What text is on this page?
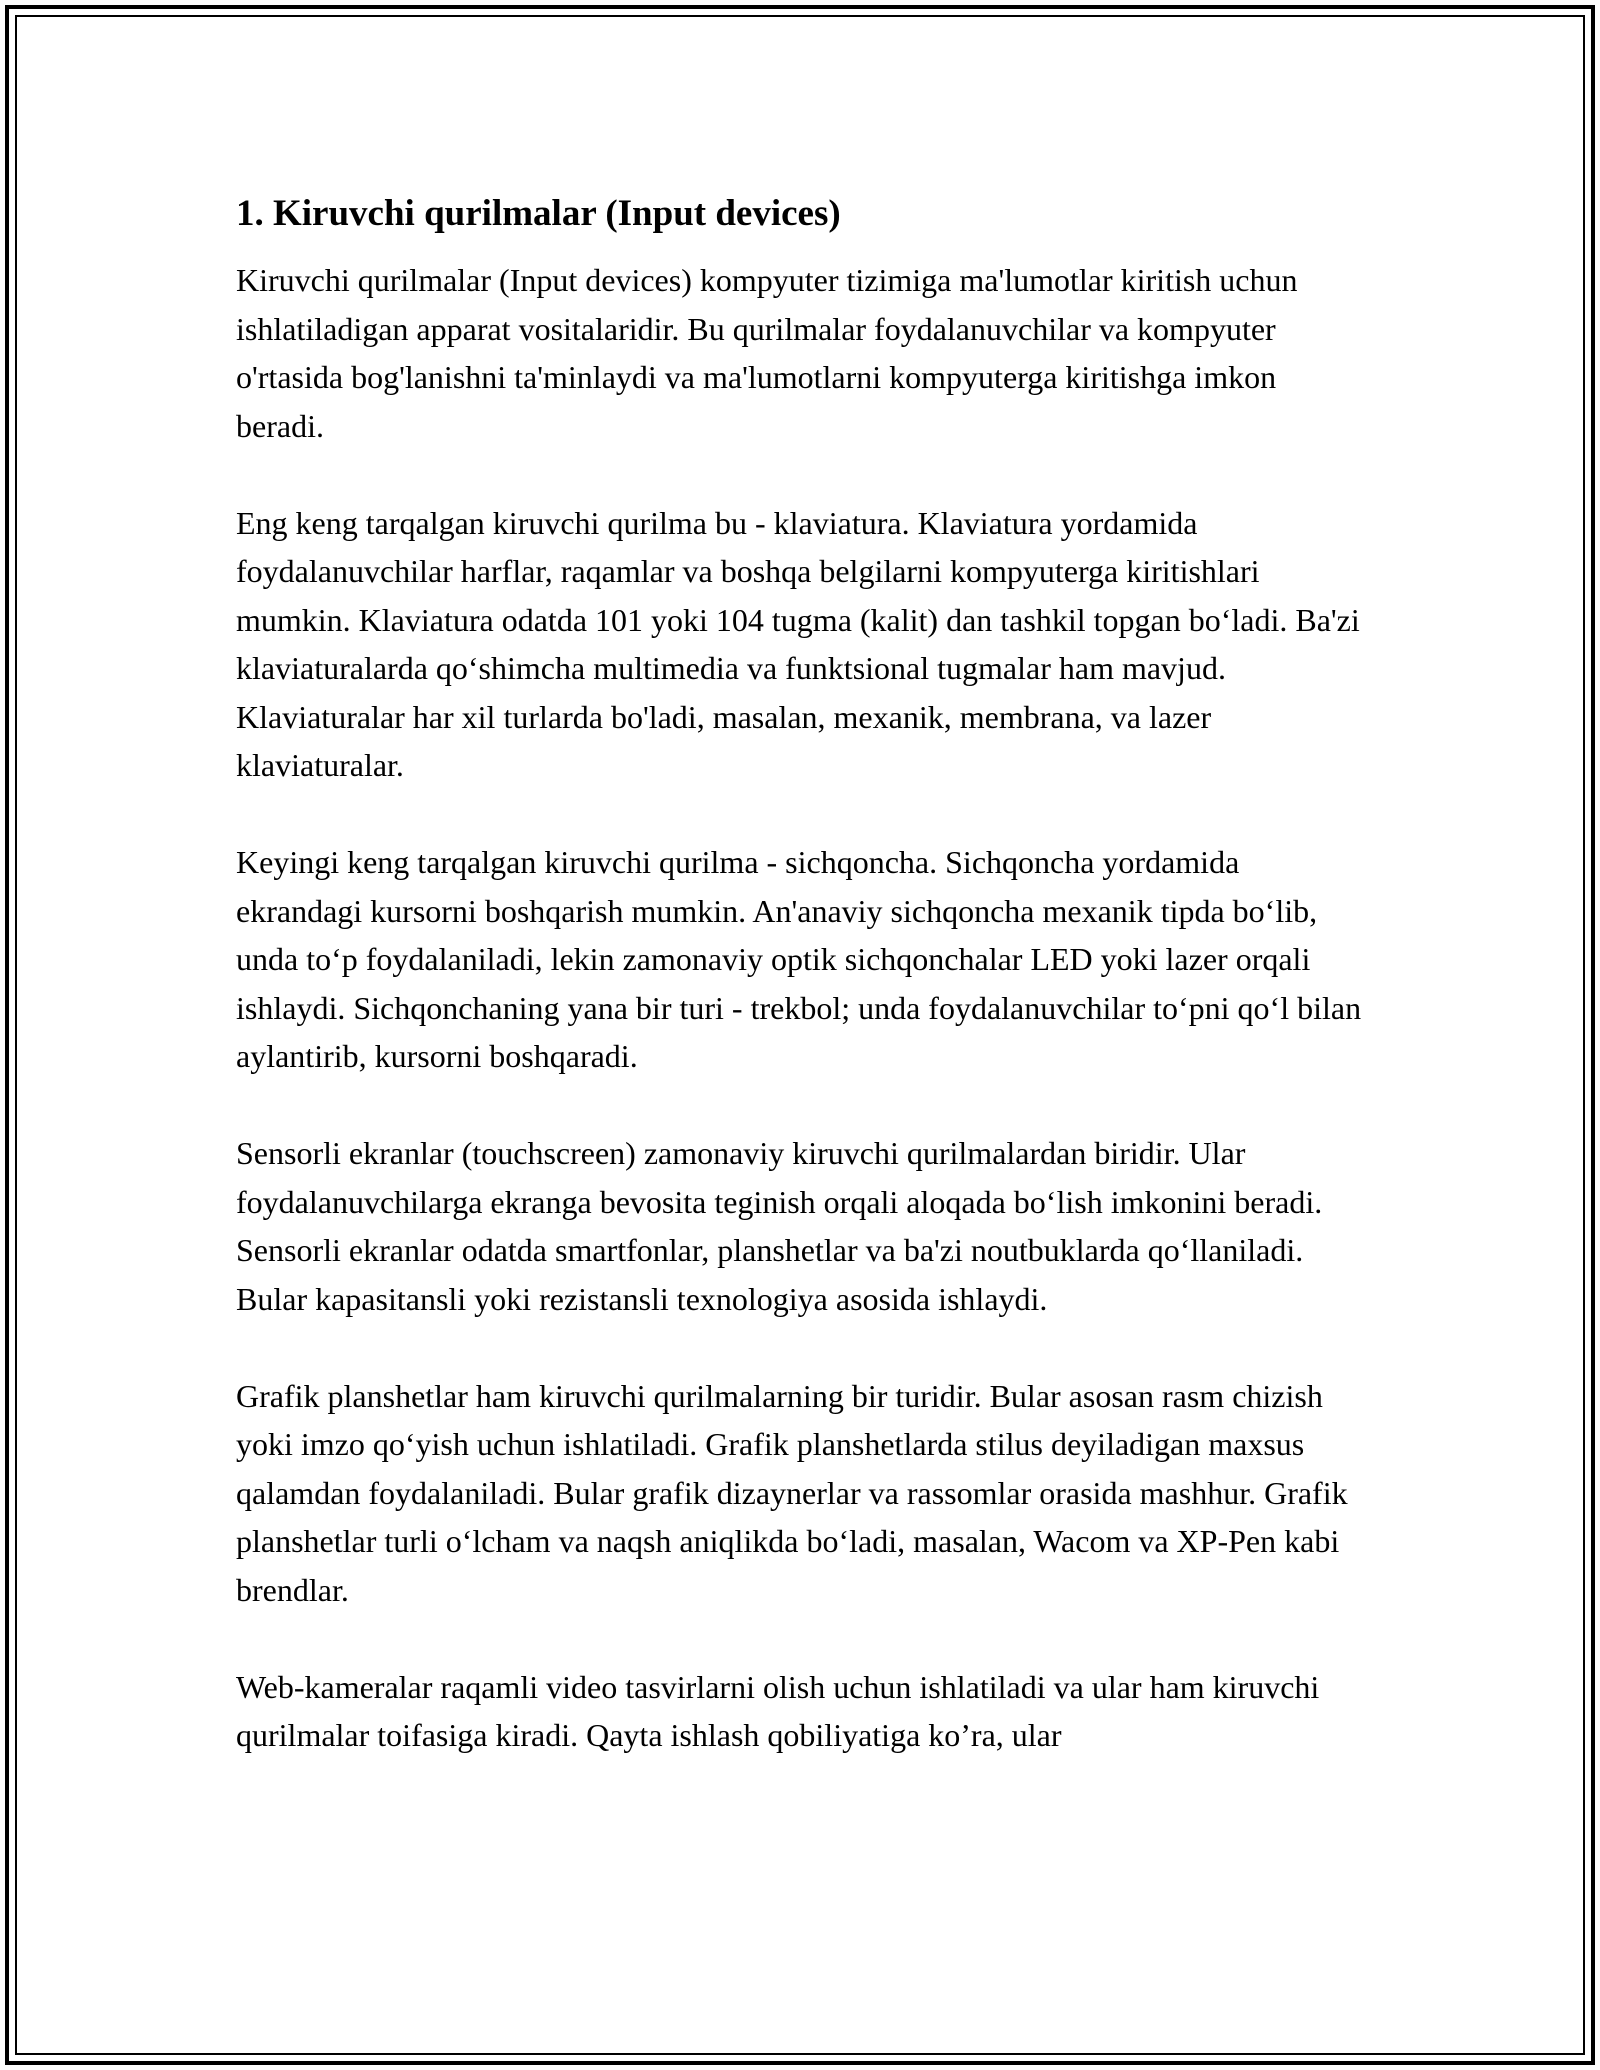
1. Kiruvchi qurilmalar (Input devices)

Kiruvchi qurilmalar (Input devices) kompyuter tizimiga ma'lumotlar kiritish uchun ishlatiladigan apparat vositalaridir. Bu qurilmalar foydalanuvchilar va kompyuter o'rtasida bog'lanishni ta'minlaydi va ma'lumotlarni kompyuterga kiritishga imkon beradi.

Eng keng tarqalgan kiruvchi qurilma bu - klaviatura. Klaviatura yordamida foydalanuvchilar harflar, raqamlar va boshqa belgilarni kompyuterga kiritishlari mumkin. Klaviatura odatda 101 yoki 104 tugma (kalit) dan tashkil topgan bo‘ladi. Ba'zi klaviaturalarda qo‘shimcha multimedia va funktsional tugmalar ham mavjud. Klaviaturalar har xil turlarda bo'ladi, masalan, mexanik, membrana, va lazer klaviaturalar.

Keyingi keng tarqalgan kiruvchi qurilma - sichqoncha. Sichqoncha yordamida ekrandagi kursorni boshqarish mumkin. An'anaviy sichqoncha mexanik tipda bo‘lib, unda to‘p foydalaniladi, lekin zamonaviy optik sichqonchalar LED yoki lazer orqali ishlaydi. Sichqonchaning yana bir turi - trekbol; unda foydalanuvchilar to‘pni qo‘l bilan aylantirib, kursorni boshqaradi.

Sensorli ekranlar (touchscreen) zamonaviy kiruvchi qurilmalardan biridir. Ular foydalanuvchilarga ekranga bevosita teginish orqali aloqada bo‘lish imkonini beradi. Sensorli ekranlar odatda smartfonlar, planshetlar va ba'zi noutbuklarda qo‘llaniladi. Bular kapasitansli yoki rezistansli texnologiya asosida ishlaydi.

Grafik planshetlar ham kiruvchi qurilmalarning bir turidir. Bular asosan rasm chizish yoki imzo qo‘yish uchun ishlatiladi. Grafik planshetlarda stilus deyiladigan maxsus qalamdan foydalaniladi. Bular grafik dizaynerlar va rassomlar orasida mashhur. Grafik planshetlar turli o‘lcham va naqsh aniqlikda bo‘ladi, masalan, Wacom va XP-Pen kabi brendlar.

Web-kameralar raqamli video tasvirlarni olish uchun ishlatiladi va ular ham kiruvchi qurilmalar toifasiga kiradi. Qayta ishlash qobiliyatiga ko’ra, ular
